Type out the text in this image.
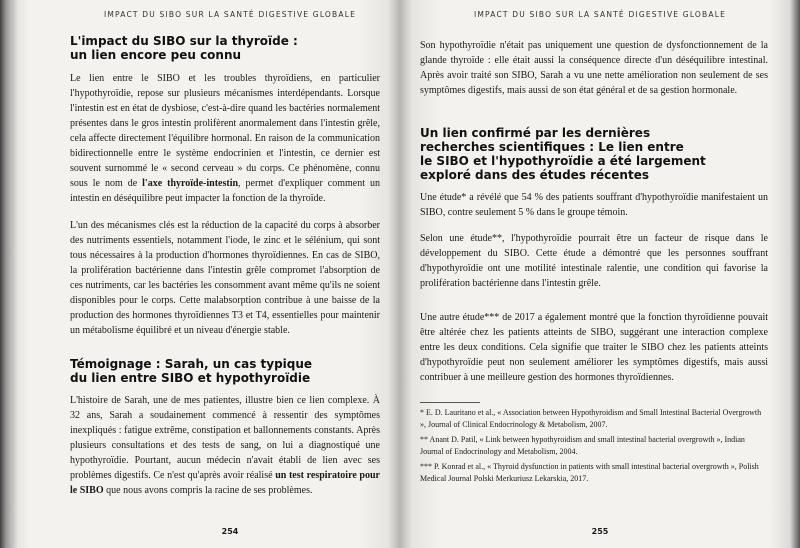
IMPACT DU SIBO SUR LA SANTÉ DIGESTIVE GLOBALE
L'impact du SIBO sur la thyroïde :
un lien encore peu connu

Le lien entre le SIBO et les troubles thyroïdiens, en particulier l'hypothyroïdie, repose sur plusieurs mécanismes interdépendants. Lorsque l'intestin est en état de dysbiose, c'est-à-dire quand les bactéries normalement présentes dans le gros intestin prolifèrent anormalement dans l'intestin grêle, cela affecte directement l'équilibre hormonal. En raison de la communication bidirectionnelle entre le système endocrinien et l'intestin, ce dernier est souvent surnommé le « second cerveau » du corps. Ce phénomène, connu sous le nom de l'axe thyroïde-intestin, permet d'expliquer comment un intestin en déséquilibre peut impacter la fonction de la thyroïde.

L'un des mécanismes clés est la réduction de la capacité du corps à absorber des nutriments essentiels, notamment l'iode, le zinc et le sélénium, qui sont tous nécessaires à la production d'hormones thyroïdiennes. En cas de SIBO, la prolifération bactérienne dans l'intestin grêle compromet l'absorption de ces nutriments, car les bactéries les consomment avant même qu'ils ne soient disponibles pour le corps. Cette malabsorption contribue à une baisse de la production des hormones thyroïdiennes T3 et T4, essentielles pour maintenir un métabolisme équilibré et un niveau d'énergie stable.

Témoignage : Sarah, un cas typique
du lien entre SIBO et hypothyroïdie

L'histoire de Sarah, une de mes patientes, illustre bien ce lien complexe. À 32 ans, Sarah a soudainement commencé à ressentir des symptômes inexpliqués : fatigue extrême, constipation et ballonnements constants. Après plusieurs consultations et des tests de sang, on lui a diagnostiqué une hypothyroïdie. Pourtant, aucun médecin n'avait établi de lien avec ses problèmes digestifs. Ce n'est qu'après avoir réalisé un test respiratoire pour le SIBO que nous avons compris la racine de ses problèmes.

254
IMPACT DU SIBO SUR LA SANTÉ DIGESTIVE GLOBALE

Son hypothyroïdie n'était pas uniquement une question de dysfonctionnement de la glande thyroïde : elle était aussi la conséquence directe d'un déséquilibre intestinal. Après avoir traité son SIBO, Sarah a vu une nette amélioration non seulement de ses symptômes digestifs, mais aussi de son état général et de sa gestion hormonale.

Un lien confirmé par les dernières
recherches scientifiques : Le lien entre
le SIBO et l'hypothyroïdie a été largement
exploré dans des études récentes

Une étude* a révélé que 54 % des patients souffrant d'hypothyroïdie manifestaient un SIBO, contre seulement 5 % dans le groupe témoin.

Selon une étude**, l'hypothyroïdie pourrait être un facteur de risque dans le développement du SIBO. Cette étude a démontré que les personnes souffrant d'hypothyroïdie ont une motilité intestinale ralentie, une condition qui favorise la prolifération bactérienne dans l'intestin grêle.

Une autre étude*** de 2017 a également montré que la fonction thyroïdienne pouvait être altérée chez les patients atteints de SIBO, suggérant une interaction complexe entre les deux conditions. Cela signifie que traiter le SIBO chez les patients atteints d'hypothyroïdie peut non seulement améliorer les symptômes digestifs, mais aussi contribuer à une meilleure gestion des hormones thyroïdiennes.

* E. D. Lauritano et al., « Association between Hypothyroidism and Small Intestinal Bacterial Overgrowth », Journal of Clinical Endocrinology & Metabolism, 2007.

** Anant D. Patil, « Link between hypothyroidism and small intestinal bacterial overgrowth », Indian Journal of Endocrinology and Metabolism, 2004.

*** P. Konrad et al., « Thyroid dysfunction in patients with small intestinal bacterial overgrowth », Polish Medical Journal Polski Merkuriusz Lekarskia, 2017.

255
